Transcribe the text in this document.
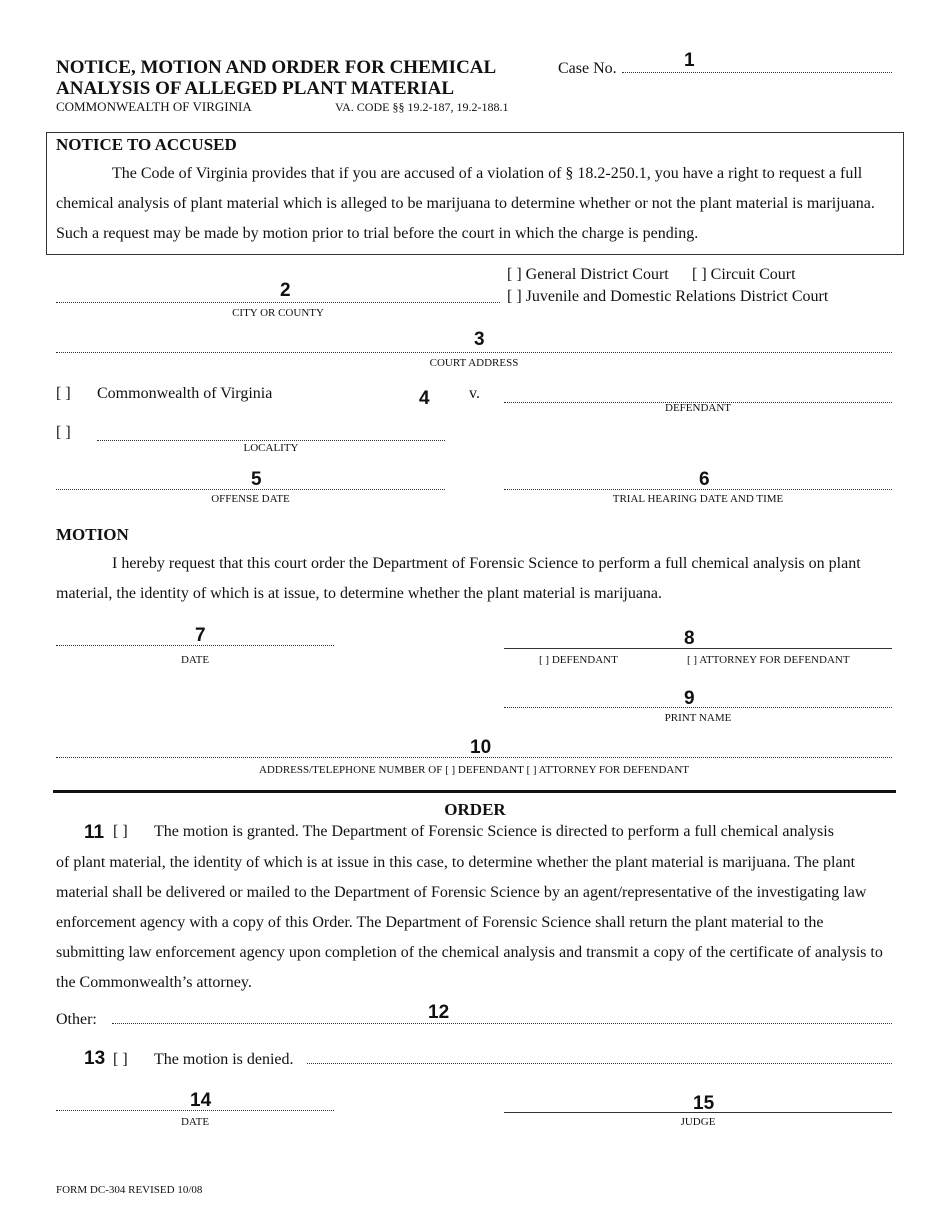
NOTICE, MOTION AND ORDER FOR CHEMICAL
ANALYSIS OF ALLEGED PLANT MATERIAL
COMMONWEALTH OF VIRGINIA	VA. CODE §§ 19.2-187, 19.2-188.1
Case No.	1
NOTICE TO ACCUSED

The Code of Virginia provides that if you are accused of a violation of § 18.2-250.1, you have a right to request a full chemical analysis of plant material which is alleged to be marijuana to determine whether or not the plant material is marijuana. Such a request may be made by motion prior to trial before the court in which the charge is pending.

[ ] General District Court [ ] Circuit Court
[ ] Juvenile and Domestic Relations District Court
2
CITY OR COUNTY
3
COURT ADDRESS
[ ] Commonwealth of Virginia	4 v.
DEFENDANT
[ ]
LOCALITY
5
OFFENSE DATE
6
TRIAL HEARING DATE AND TIME
MOTION

I hereby request that this court order the Department of Forensic Science to perform a full chemical analysis on plant material, the identity of which is at issue, to determine whether the plant material is marijuana.

7
DATE
8
[ ] DEFENDANT	[ ] ATTORNEY FOR DEFENDANT
9
PRINT NAME
10
ADDRESS/TELEPHONE NUMBER OF [ ] DEFENDANT [ ] ATTORNEY FOR DEFENDANT
ORDER
11 [ ] The motion is granted. The Department of Forensic Science is directed to perform a full chemical analysis

of plant material, the identity of which is at issue in this case, to determine whether the plant material is marijuana. The plant material shall be delivered or mailed to the Department of Forensic Science by an agent/representative of the investigating law enforcement agency with a copy of this Order. The Department of Forensic Science shall return the plant material to the submitting law enforcement agency upon completion of the chemical analysis and transmit a copy of the certificate of analysis to the Commonwealth’s attorney.

Other:	12
13 [ ] The motion is denied.
14
DATE
15
JUDGE
FORM DC-304 REVISED 10/08
